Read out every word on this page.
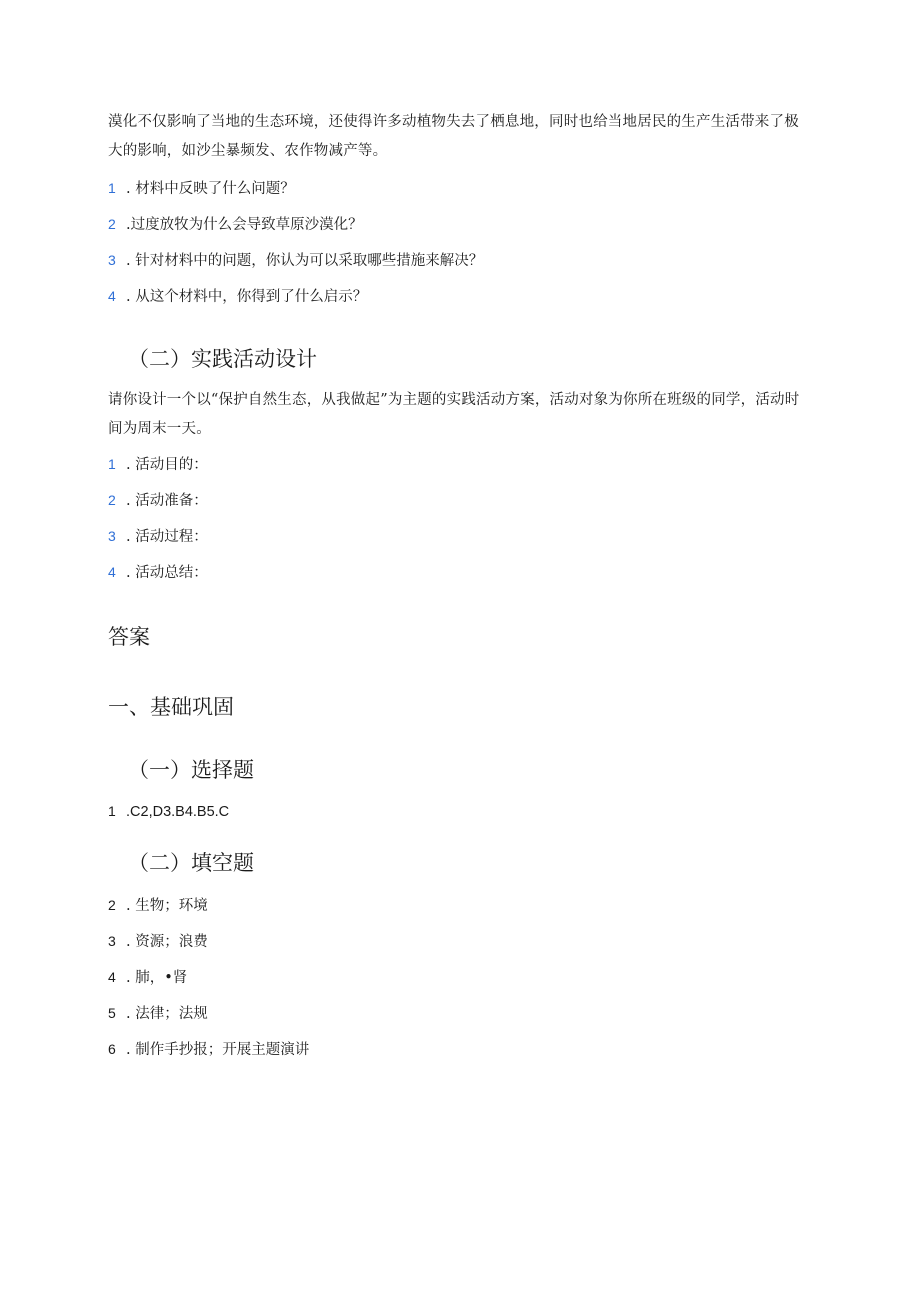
漠化不仅影响了当地的生态环境，还使得许多动植物失去了栖息地，同时也给当地居民的生产生活带来了极大的影响，如沙尘暴频发、农作物减产等。
1 . 材料中反映了什么问题？
2 .过度放牧为什么会导致草原沙漠化？
3 . 针对材料中的问题，你认为可以采取哪些措施来解决？
4 . 从这个材料中，你得到了什么启示？
（二）实践活动设计
请你设计一个以“保护自然生态，从我做起”为主题的实践活动方案，活动对象为你所在班级的同学，活动时间为周末一天。
1 . 活动目的：
2 . 活动准备：
3 . 活动过程：
4 . 活动总结：
答案
一、基础巩固
（一）选择题
1 .C2,D3.B4.B5.C
（二）填空题
2 . 生物；环境
3 . 资源；浪费
4 . 肺，•肾
5 . 法律；法规
6 . 制作手抄报；开展主题演讲
